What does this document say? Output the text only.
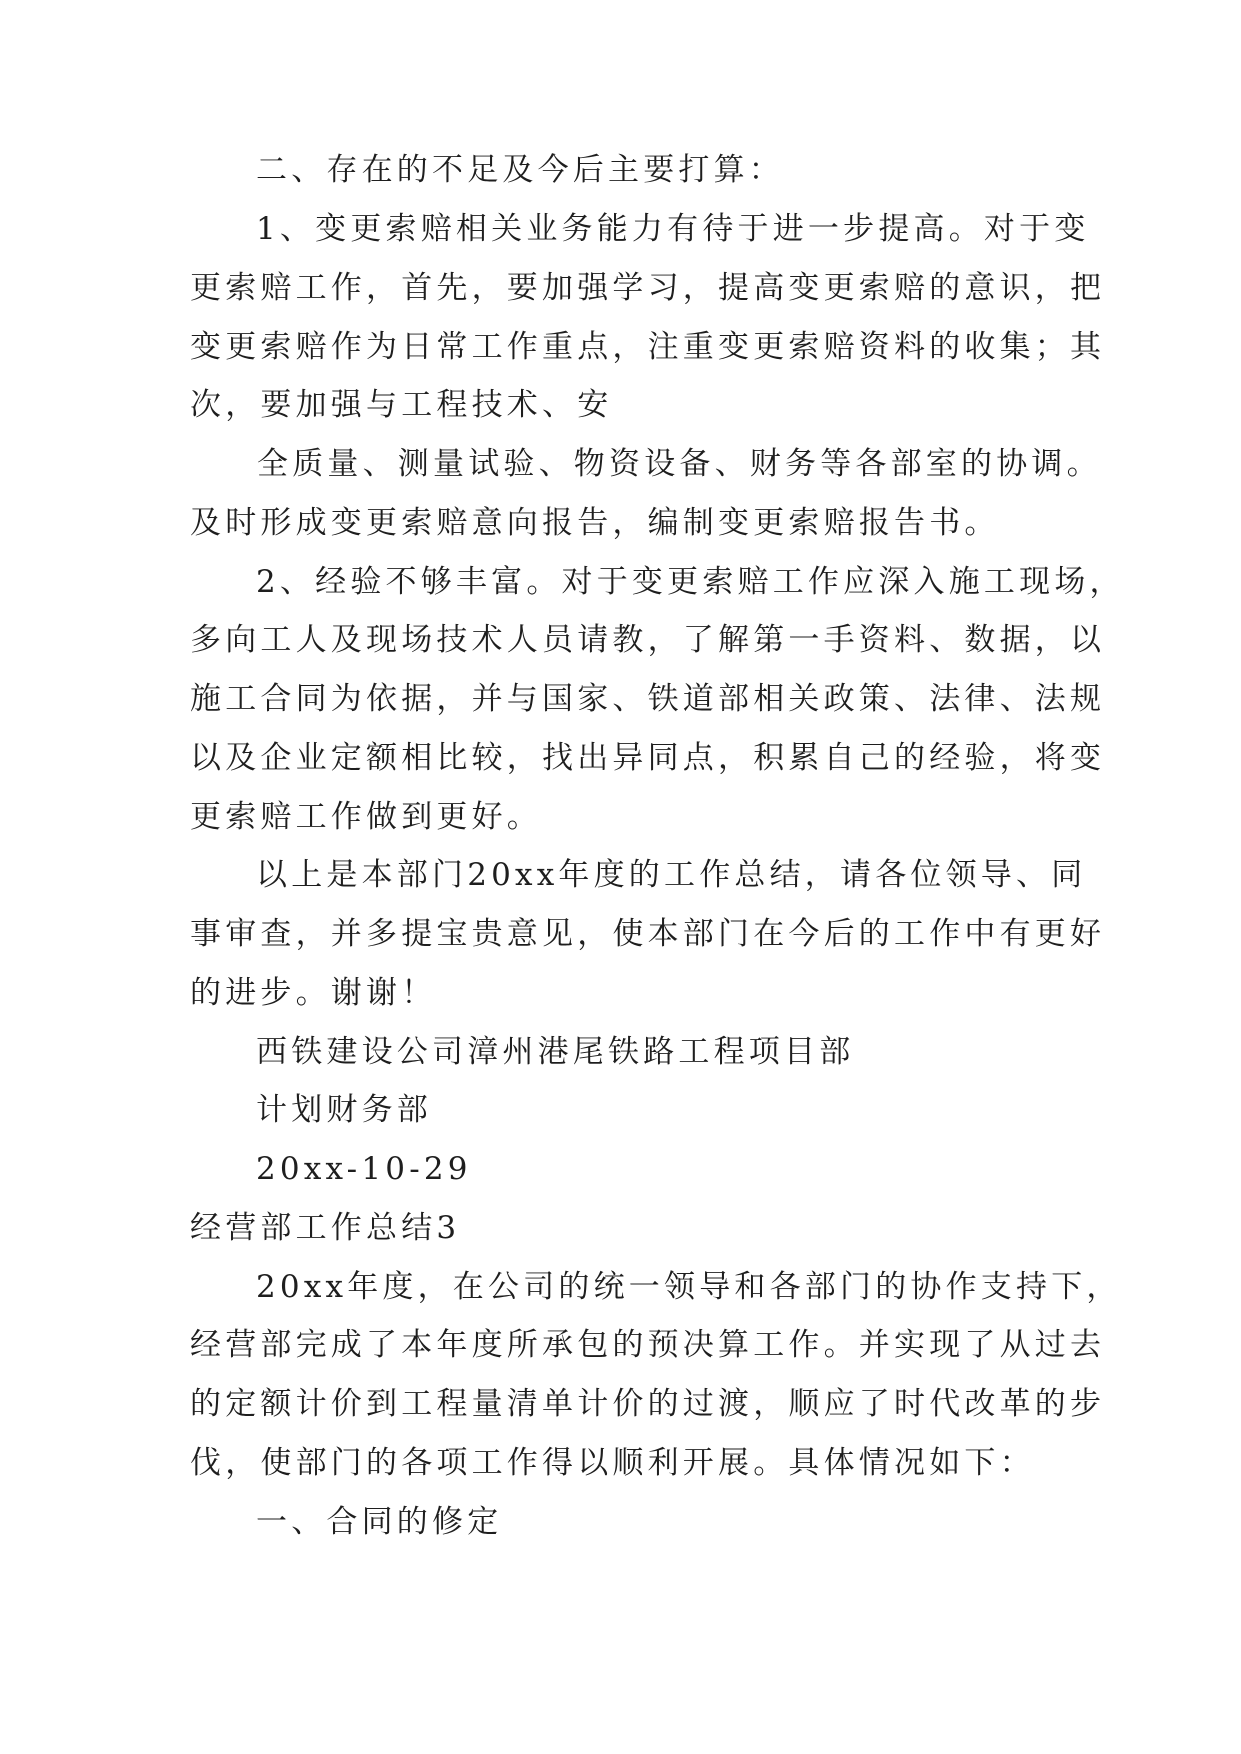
二、存在的不足及今后主要打算：

1、变更索赔相关业务能力有待于进一步提高。对于变

更索赔工作，首先，要加强学习，提高变更索赔的意识，把

变更索赔作为日常工作重点，注重变更索赔资料的收集；其

次，要加强与工程技术、安

全质量、测量试验、物资设备、财务等各部室的协调。

及时形成变更索赔意向报告，编制变更索赔报告书。

2、经验不够丰富。对于变更索赔工作应深入施工现场，

多向工人及现场技术人员请教，了解第一手资料、数据，以

施工合同为依据，并与国家、铁道部相关政策、法律、法规

以及企业定额相比较，找出异同点，积累自己的经验，将变

更索赔工作做到更好。

以上是本部门20xx年度的工作总结，请各位领导、同

事审查，并多提宝贵意见，使本部门在今后的工作中有更好

的进步。谢谢！

西铁建设公司漳州港尾铁路工程项目部

计划财务部

20xx-10-29

经营部工作总结3

20xx年度，在公司的统一领导和各部门的协作支持下，

经营部完成了本年度所承包的预决算工作。并实现了从过去

的定额计价到工程量清单计价的过渡，顺应了时代改革的步

伐，使部门的各项工作得以顺利开展。具体情况如下：

一、合同的修定
